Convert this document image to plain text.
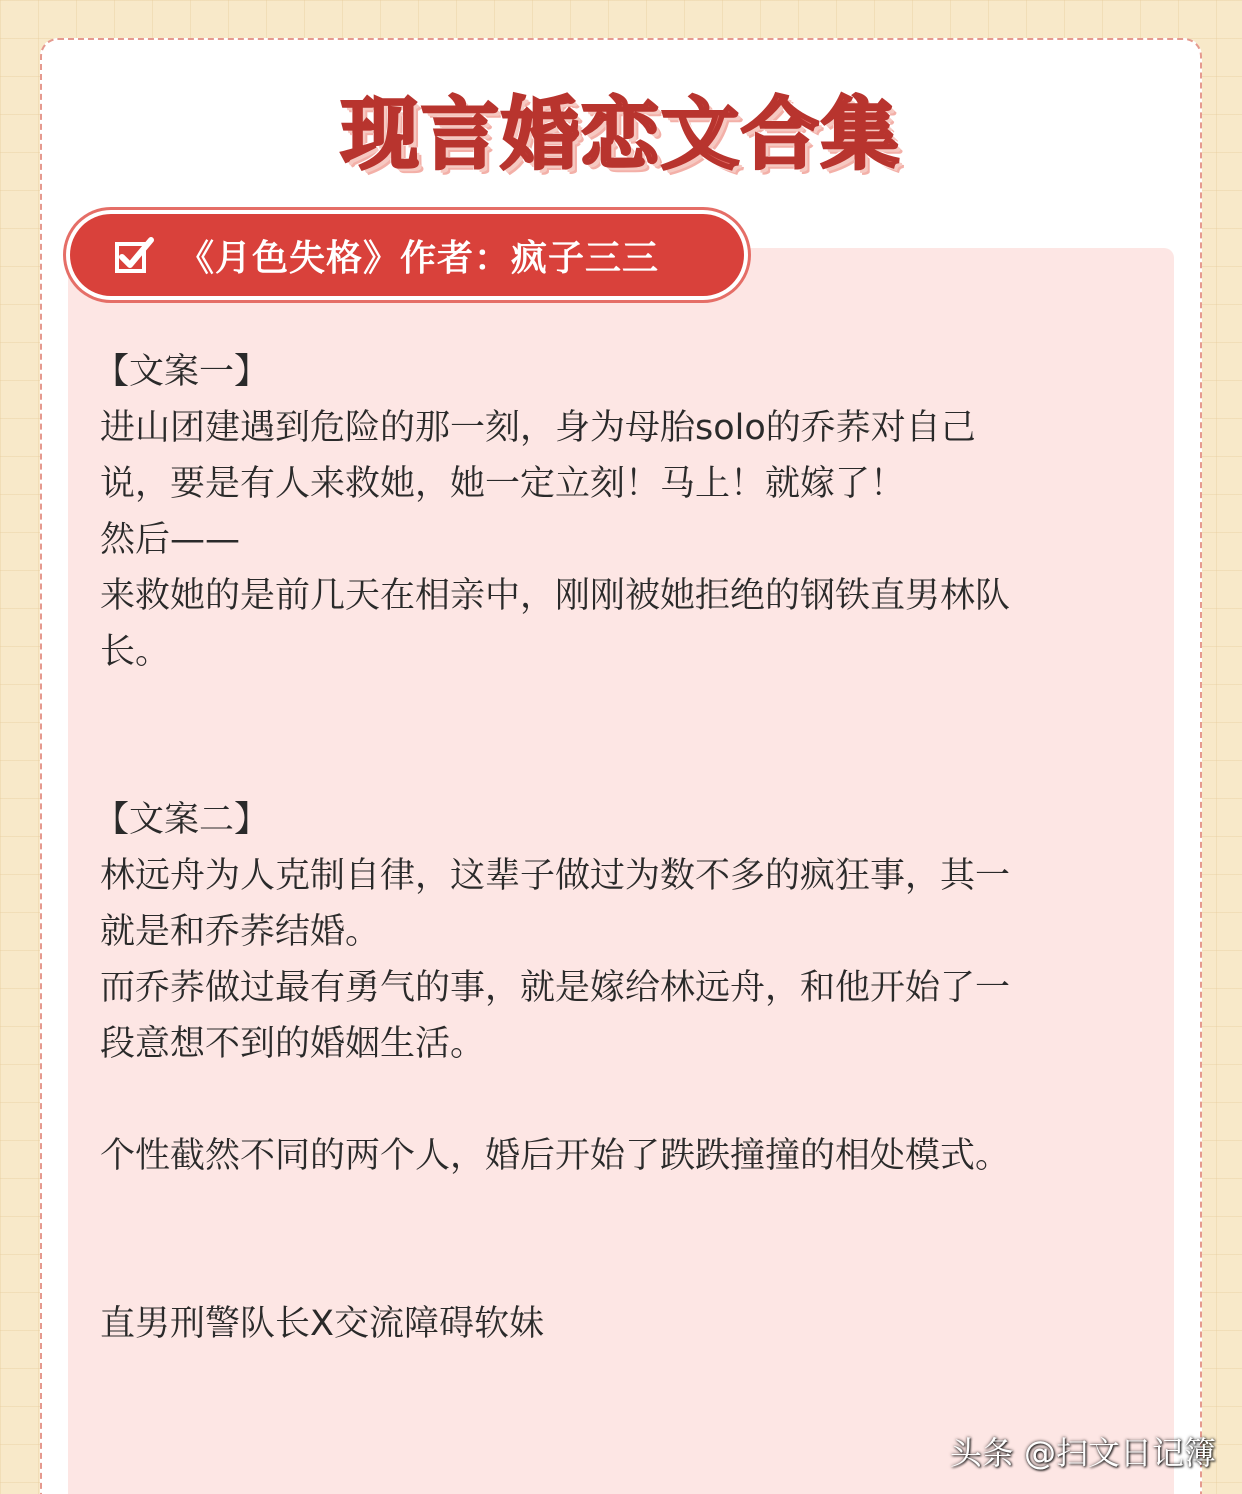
现言婚恋文合集
《月色失格》作者：疯子三三

【文案一】

进山团建遇到危险的那一刻，身为母胎solo的乔荞对自己

说，要是有人来救她，她一定立刻！马上！就嫁了！

然后——

来救她的是前几天在相亲中，刚刚被她拒绝的钢铁直男林队

长。

【文案二】

林远舟为人克制自律，这辈子做过为数不多的疯狂事，其一

就是和乔荞结婚。

而乔荞做过最有勇气的事，就是嫁给林远舟，和他开始了一

段意想不到的婚姻生活。

个性截然不同的两个人，婚后开始了跌跌撞撞的相处模式。

直男刑警队长X交流障碍软妹

头条 @扫文日记簿
